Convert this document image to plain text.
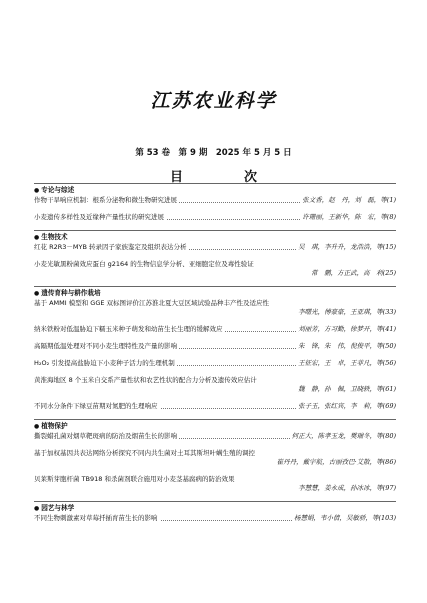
江苏农业科学
第 53 卷　第 9 期　2025 年 5 月 5 日
目　次
● 专论与综述
作物干旱响应机制：根系分泌物和微生物研究进展	张文香，赵　丹，刘　磊，等(1)
小麦遗传多样性及近缘种产量性状的研究进展	许珊丽，王新华，陈　宏，等(8)
● 生物技术
红花 R2R3－MYB 转录因子家族鉴定及组织表达分析	吴　琪，李升升，龙浩浩，等(15)
小麦光敏黑粉菌效应蛋白 g2164 的生物信息学分析、亚细胞定位及毒性验证
………………………………………………………………… 常　鹏，方正武，高　利(25)
● 遗传育种与耕作栽培
基于 AMMI 模型和 GGE 双标图评价江苏淮北夏大豆区域试验品种丰产性及适应性
………………………………………………………………… 李曙光，傅豪豪，王亚琪，等(33)
纳米铁粉对低温胁迫下糯玉米种子萌发和幼苗生长生理的缓解效应	刘丽芳，方习勤，徐梦开，等(41)
高隔期低温处理对不同小麦生理特性及产量的影响	朱　锋，朱　伟，倪俊平，等(50)
H₂O₂ 引发提高盐胁迫下小麦种子活力的生理机制	王征宏，王　卓，王菲凡，等(56)
黄淮海地区 8 个玉米自交系产量性状和农艺性状的配合力分析及遗传效应估计
………………………………………………………………… 魏　静，孙　佩，卫晓轶，等(61)
不同水分条件下绿豆苗期对氮肥的生理响应	张子玉，张红宾，李　莉，等(69)
● 植物保护
撕裂蜡孔菌对烟草靶斑病的防治及烟苗生长的影响	何正大，陈孝玉龙，樊瑞冬，等(80)
基于加权基因共表达网络分析探究不同内共生菌对土耳其斯坦叶螨生殖的调控
………………………………………………………………… 崔丹丹，戴宇航，古丽孜巴·艾散，等(86)
贝莱斯芽胞杆菌 TB918 和杀菌剂联合施用对小麦茎基腐病的防治效果
………………………………………………………………… 李慧慧，姜永成，孙冰冰，等(97)
● 园艺与林学
不同生物刺激素对草莓扦插育苗生长的影响	杨慧娟，韦小倩，吴敏骄，等(103)
